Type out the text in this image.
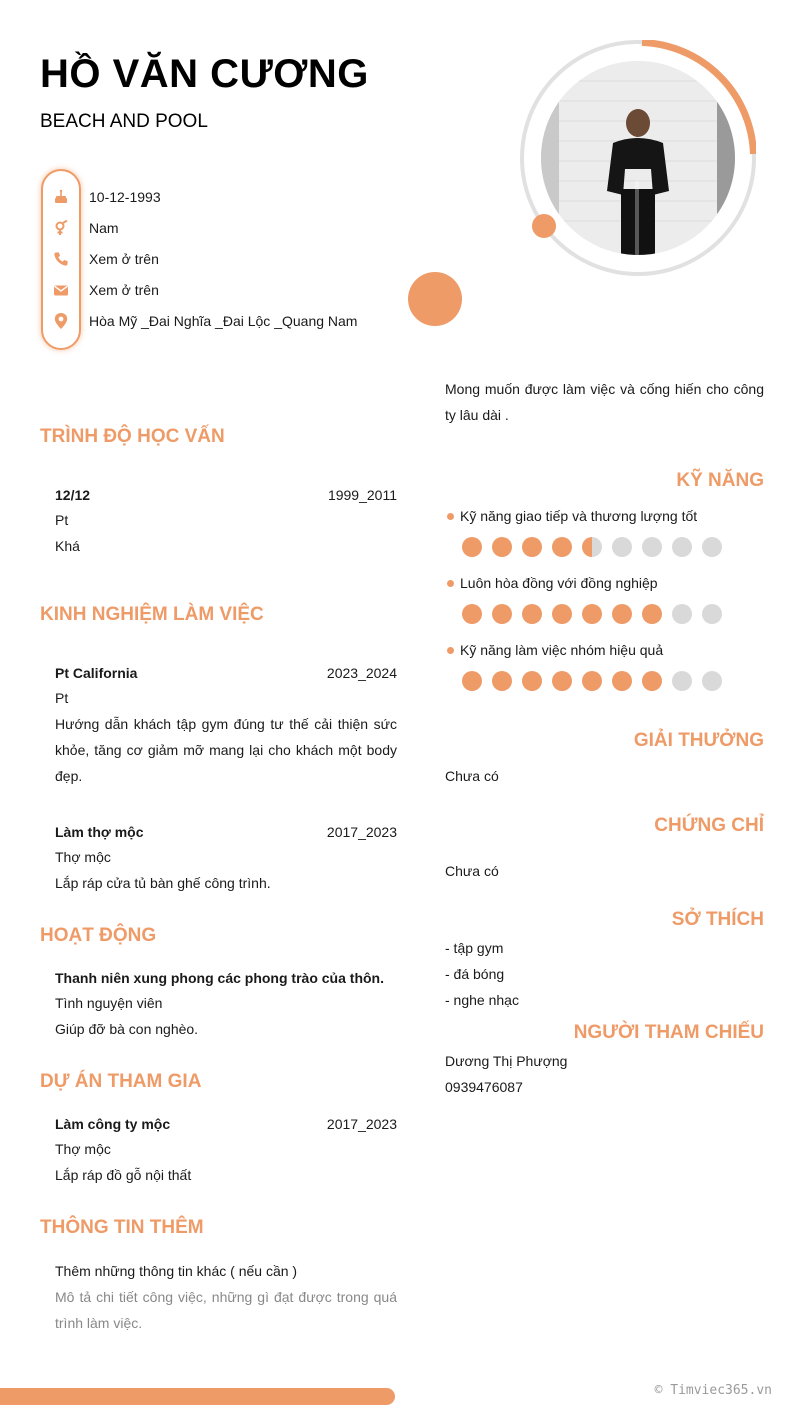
HỒ VĂN CƯƠNG
BEACH AND POOL
10-12-1993
Nam
Xem ở trên
Xem ở trên
Hòa Mỹ _Đai Nghĩa _Đai Lộc _Quang Nam
Mong muốn được làm việc và cống hiến cho công ty lâu dài .
TRÌNH ĐỘ HỌC VẤN
12/12	1999_2011
Pt
Khá
KINH NGHIỆM LÀM VIỆC
Pt California	2023_2024
Pt
Hướng dẫn khách tập gym đúng tư thế cải thiện sức khỏe, tăng cơ giảm mỡ mang lại cho khách một body đẹp.
Làm thợ mộc	2017_2023
Thợ mộc
Lắp ráp cửa tủ bàn ghế công trình.
HOẠT ĐỘNG
Thanh niên xung phong các phong trào của thôn.
Tình nguyện viên
Giúp đỡ bà con nghèo.
DỰ ÁN THAM GIA
Làm công ty mộc	2017_2023
Thợ mộc
Lắp ráp đồ gỗ nội thất
THÔNG TIN THÊM
Thêm những thông tin khác ( nếu cần )
Mô tả chi tiết công việc, những gì đạt được trong quá trình làm việc.
KỸ NĂNG
Kỹ năng giao tiếp và thương lượng tốt
Luôn hòa đồng với đồng nghiệp
Kỹ năng làm việc nhóm hiệu quả
GIẢI THƯỞNG
Chưa có
CHỨNG CHỈ
Chưa có
SỞ THÍCH
- tập gym
- đá bóng
- nghe nhạc
NGƯỜI THAM CHIẾU
Dương Thị Phượng
0939476087
© Timviec365.vn
